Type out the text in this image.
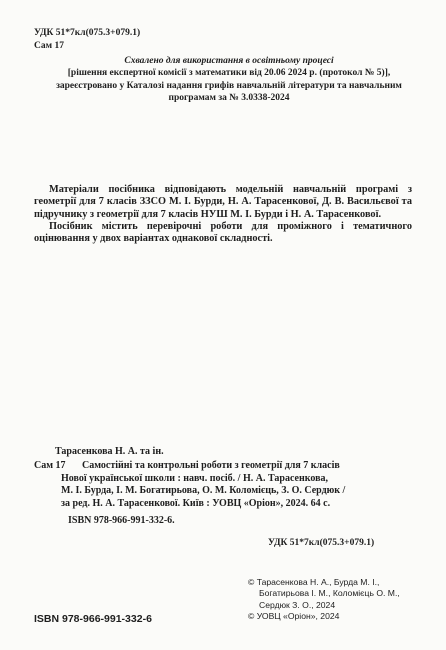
УДК 51*7кл(075.3+079.1)
Сам 17
Схвалено для використання в освітньому процесі
[рішення експертної комісії з математики від 20.06 2024 р. (протокол № 5)],
зареєстровано у Каталозі надання грифів навчальній літератури та навчальним
програмам за № 3.0338-2024

Матеріали посібника відповідають модельній навчальній програмі з геометрії для 7 класів ЗЗСО М. І. Бурди, Н. А. Тарасенкової, Д. В. Васильєвої та підручнику з геометрії для 7 класів НУШ М. І. Бурди і Н. А. Тарасенкової.

Посібник містить перевірочні роботи для проміжного і тематичного оцінювання у двох варіантах однакової складності.

Тарасенкова Н. А. та ін.
Сам 17 Самостійні та контрольні роботи з геометрії для 7 класів
Нової української школи : навч. посіб. / Н. А. Тарасенкова,
М. І. Бурда, І. М. Богатирьова, О. М. Коломієць, З. О. Сердюк /
за ред. Н. А. Тарасенкової. Київ : УОВЦ «Оріон», 2024. 64 с.
ISBN 978-966-991-332-6.
УДК 51*7кл(075.3+079.1)
© Тарасенкова Н. А., Бурда М. І.,
Богатирьова І. М., Коломієць О. М.,
Сердюк З. О., 2024
© УОВЦ «Оріон», 2024
ISBN 978-966-991-332-6
